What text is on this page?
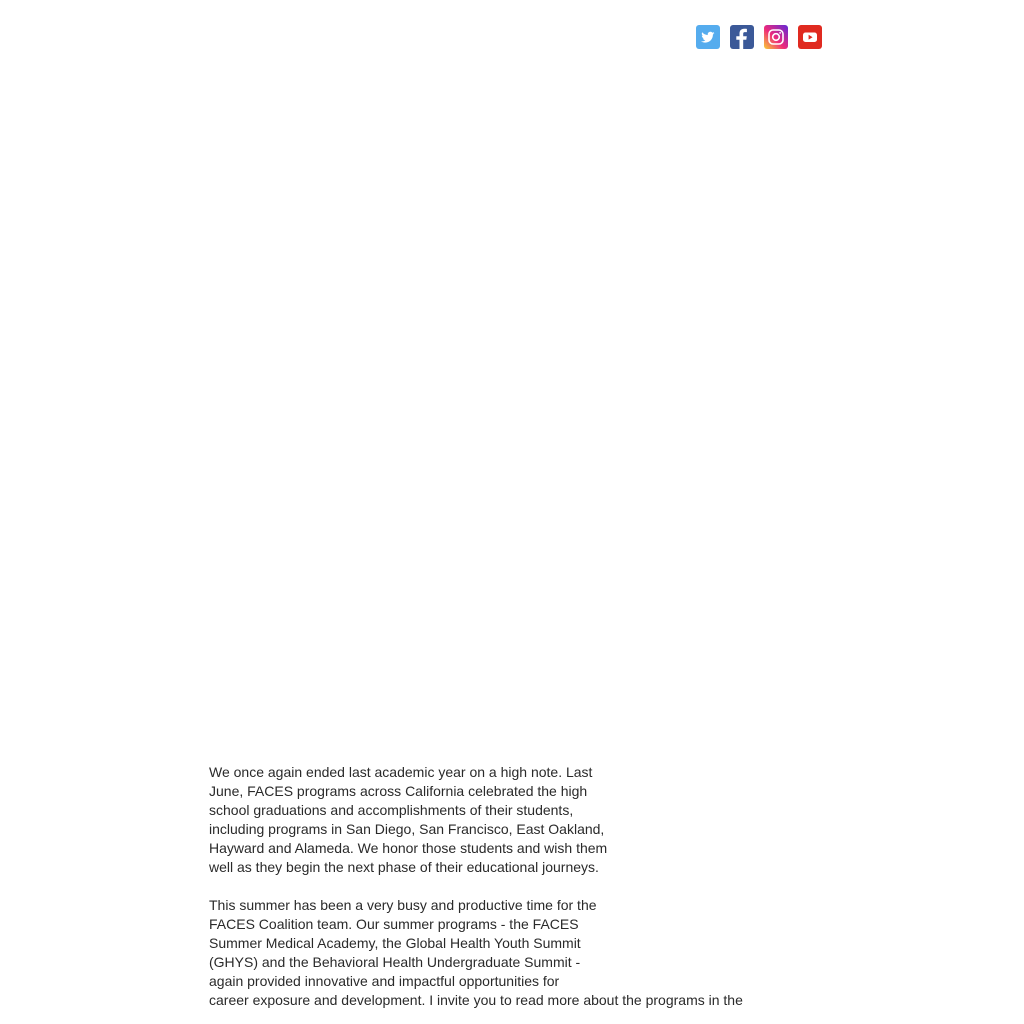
We once again ended last academic year on a high note. Last June, FACES programs across California celebrated the high school graduations and accomplishments of their students, including programs in San Diego, San Francisco, East Oakland, Hayward and Alameda. We honor those students and wish them well as they begin the next phase of their educational journeys.

This summer has been a very busy and productive time for the FACES Coalition team. Our summer programs - the FACES Summer Medical Academy, the Global Health Youth Summit (GHYS) and the Behavioral Health Undergraduate Summit - again provided innovative and impactful opportunities for
career exposure and development. I invite you to read more about the programs in the
